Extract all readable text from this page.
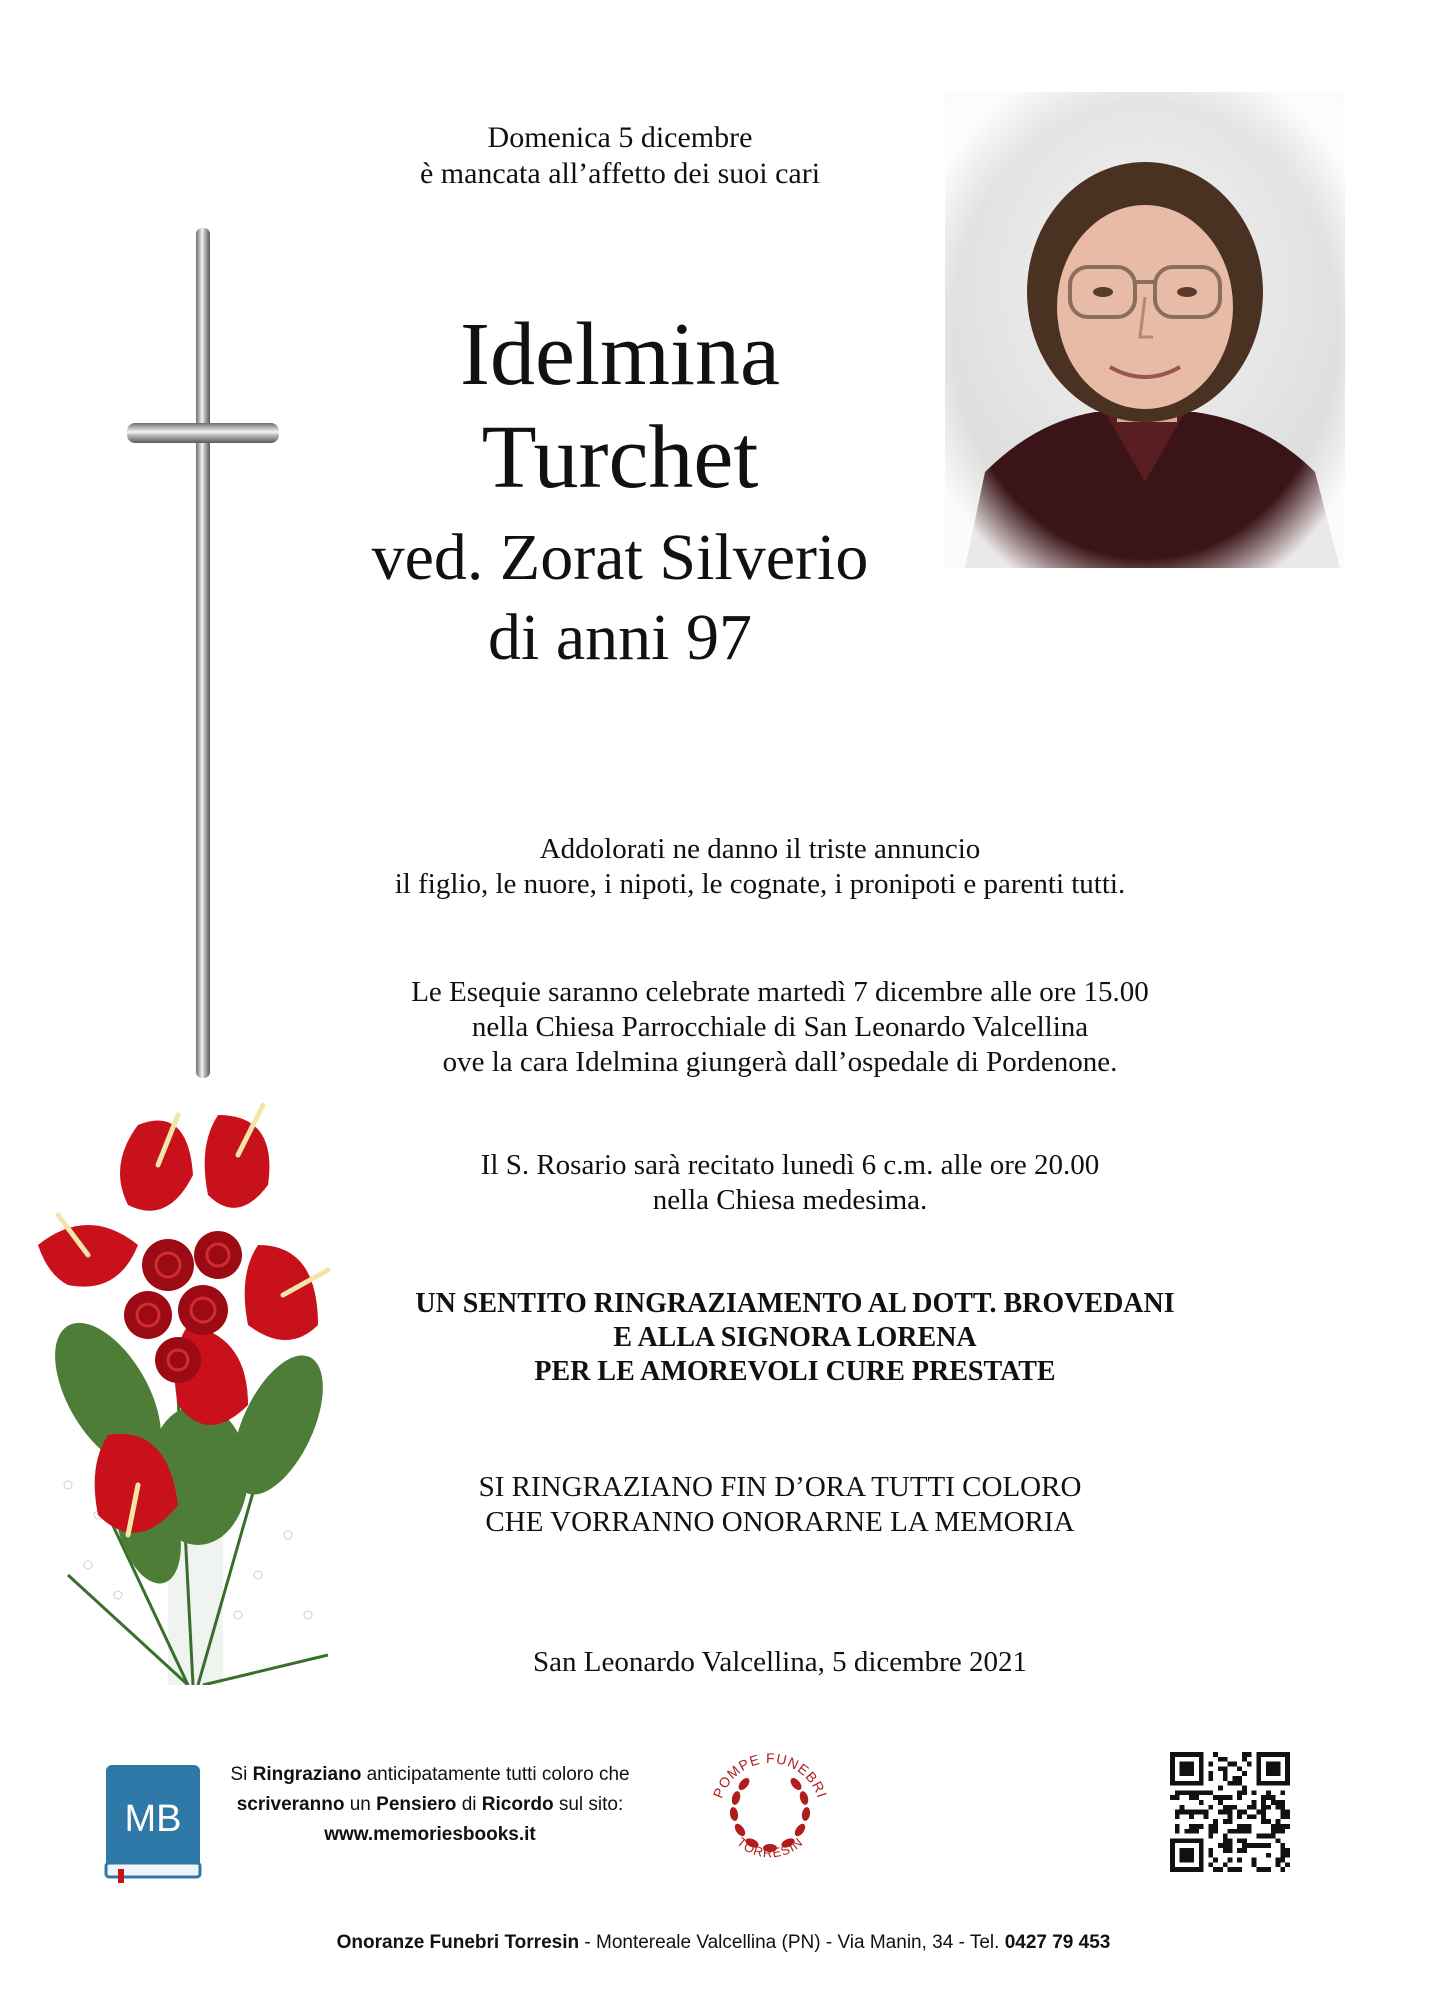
Domenica 5 dicembre
è mancata all’affetto dei suoi cari
Idelmina
Turchet
ved. Zorat Silverio
di anni 97
Addolorati ne danno il triste annuncio
il figlio, le nuore, i nipoti, le cognate, i pronipoti e parenti tutti.
Le Esequie saranno celebrate martedì 7 dicembre alle ore 15.00
nella Chiesa Parrocchiale di San Leonardo Valcellina
ove la cara Idelmina giungerà dall’ospedale di Pordenone.
Il S. Rosario sarà recitato lunedì 6 c.m. alle ore 20.00
nella Chiesa medesima.
UN SENTITO RINGRAZIAMENTO AL DOTT. BROVEDANI
E ALLA SIGNORA LORENA
PER LE AMOREVOLI CURE PRESTATE
SI RINGRAZIANO FIN D’ORA TUTTI COLORO
CHE VORRANNO ONORARNE LA MEMORIA
San Leonardo Valcellina, 5 dicembre 2021
MB
Si Ringraziano anticipatamente tutti coloro che
scriveranno un Pensiero di Ricordo sul sito:
www.memoriesbooks.it
POMPE FUNEBRI
TORRESIN
Onoranze Funebri Torresin - Montereale Valcellina (PN) - Via Manin, 34 - Tel. 0427 79 453
